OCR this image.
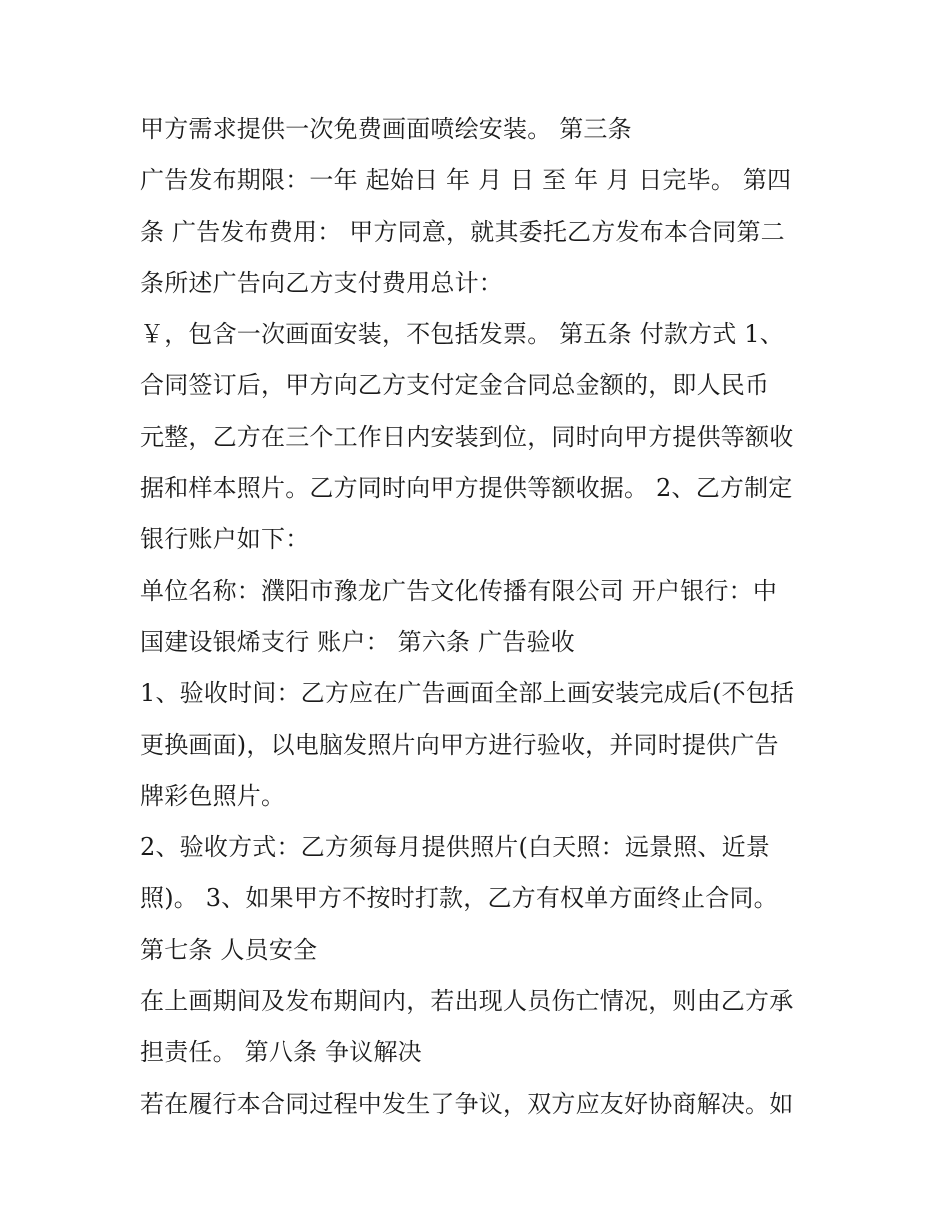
甲方需求提供一次免费画面喷绘安装。 第三条
广告发布期限：一年 起始日 年 月 日 至 年 月 日完毕。 第四
条 广告发布费用： 甲方同意，就其委托乙方发布本合同第二
条所述广告向乙方支付费用总计：
￥，包含一次画面安装，不包括发票。 第五条 付款方式 1、
合同签订后，甲方向乙方支付定金合同总金额的，即人民币
元整，乙方在三个工作日内安装到位，同时向甲方提供等额收
据和样本照片。乙方同时向甲方提供等额收据。 2、乙方制定
银行账户如下：
单位名称：濮阳市豫龙广告文化传播有限公司 开户银行：中
国建设银烯支行 账户： 第六条 广告验收
1、验收时间：乙方应在广告画面全部上画安装完成后(不包括
更换画面)，以电脑发照片向甲方进行验收，并同时提供广告
牌彩色照片。
2、验收方式：乙方须每月提供照片(白天照：远景照、近景
照)。 3、如果甲方不按时打款，乙方有权单方面终止合同。
第七条 人员安全
在上画期间及发布期间内，若出现人员伤亡情况，则由乙方承
担责任。 第八条 争议解决
若在履行本合同过程中发生了争议，双方应友好协商解决。如
